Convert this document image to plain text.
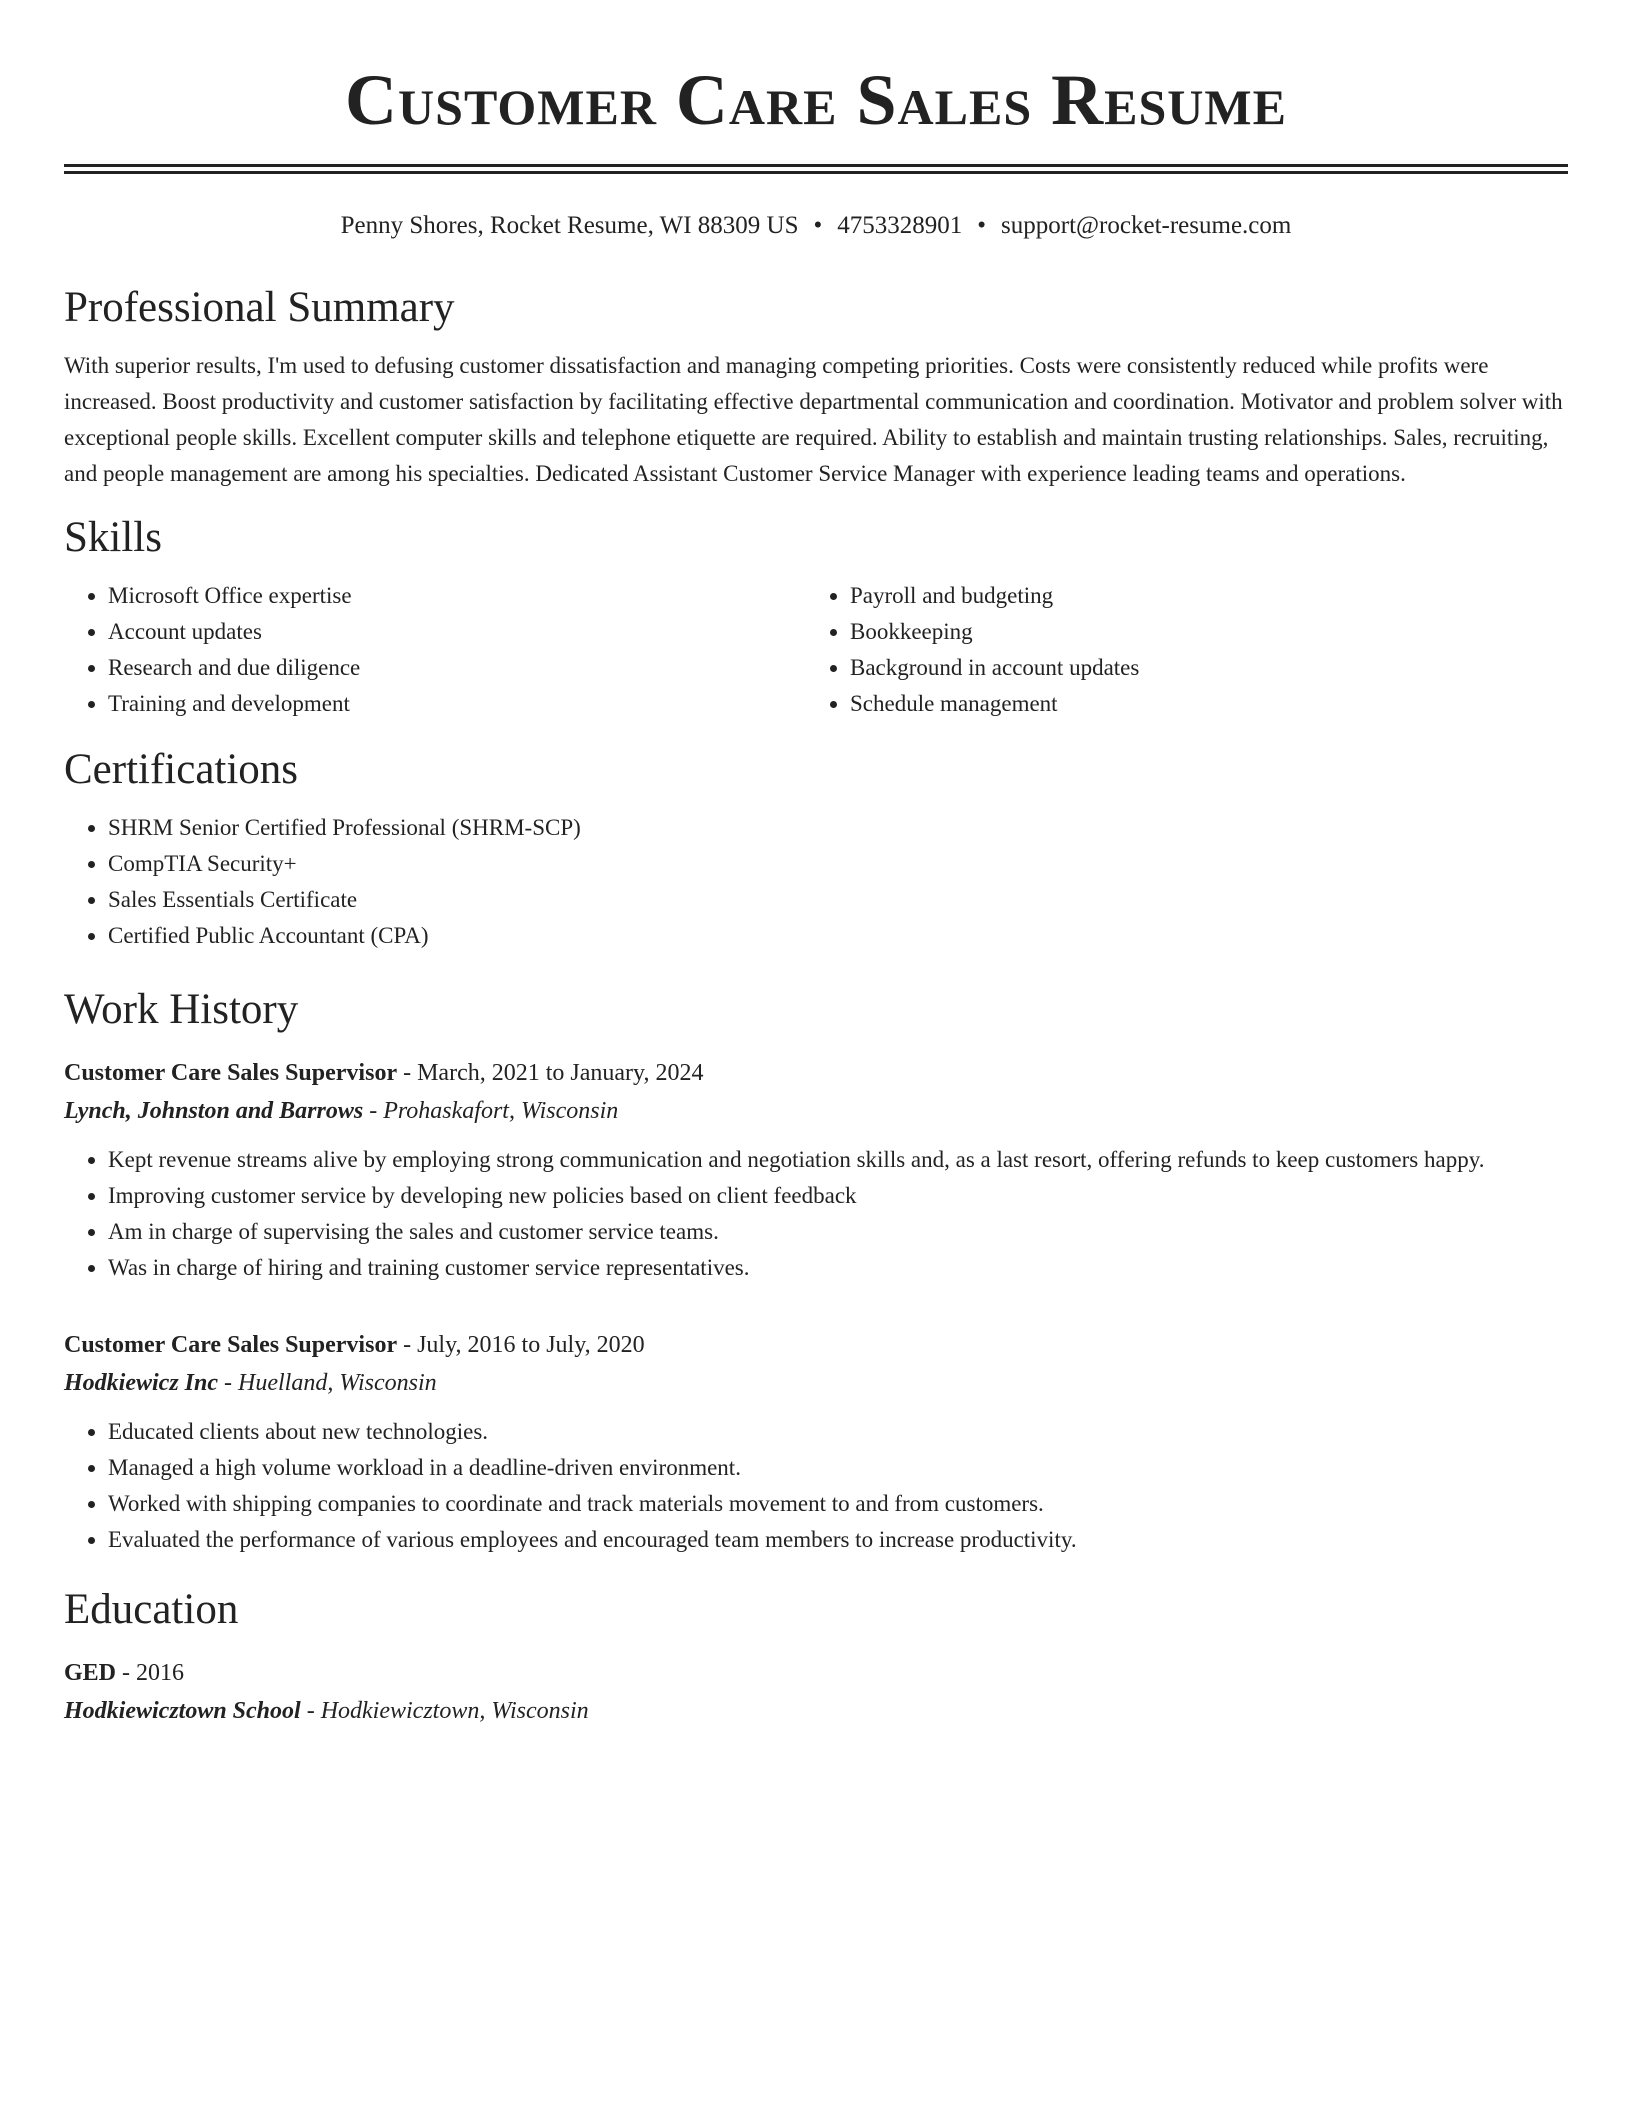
Customer Care Sales Resume
Penny Shores, Rocket Resume, WI 88309 US • 4753328901 • support@rocket-resume.com
Professional Summary

With superior results, I'm used to defusing customer dissatisfaction and managing competing priorities. Costs were consistently reduced while profits were increased. Boost productivity and customer satisfaction by facilitating effective departmental communication and coordination. Motivator and problem solver with exceptional people skills. Excellent computer skills and telephone etiquette are required. Ability to establish and maintain trusting relationships. Sales, recruiting, and people management are among his specialties. Dedicated Assistant Customer Service Manager with experience leading teams and operations.

Skills
• Microsoft Office expertise
• Account updates
• Research and due diligence
• Training and development
• Payroll and budgeting
• Bookkeeping
• Background in account updates
• Schedule management
Certifications
• SHRM Senior Certified Professional (SHRM-SCP)
• CompTIA Security+
• Sales Essentials Certificate
• Certified Public Accountant (CPA)
Work History
Customer Care Sales Supervisor - March, 2021 to January, 2024
Lynch, Johnston and Barrows - Prohaskafort, Wisconsin
• Kept revenue streams alive by employing strong communication and negotiation skills and, as a last resort, offering refunds to keep customers happy.
• Improving customer service by developing new policies based on client feedback
• Am in charge of supervising the sales and customer service teams.
• Was in charge of hiring and training customer service representatives.
Customer Care Sales Supervisor - July, 2016 to July, 2020
Hodkiewicz Inc - Huelland, Wisconsin
• Educated clients about new technologies.
• Managed a high volume workload in a deadline-driven environment.
• Worked with shipping companies to coordinate and track materials movement to and from customers.
• Evaluated the performance of various employees and encouraged team members to increase productivity.
Education
GED - 2016
Hodkiewicztown School - Hodkiewicztown, Wisconsin
